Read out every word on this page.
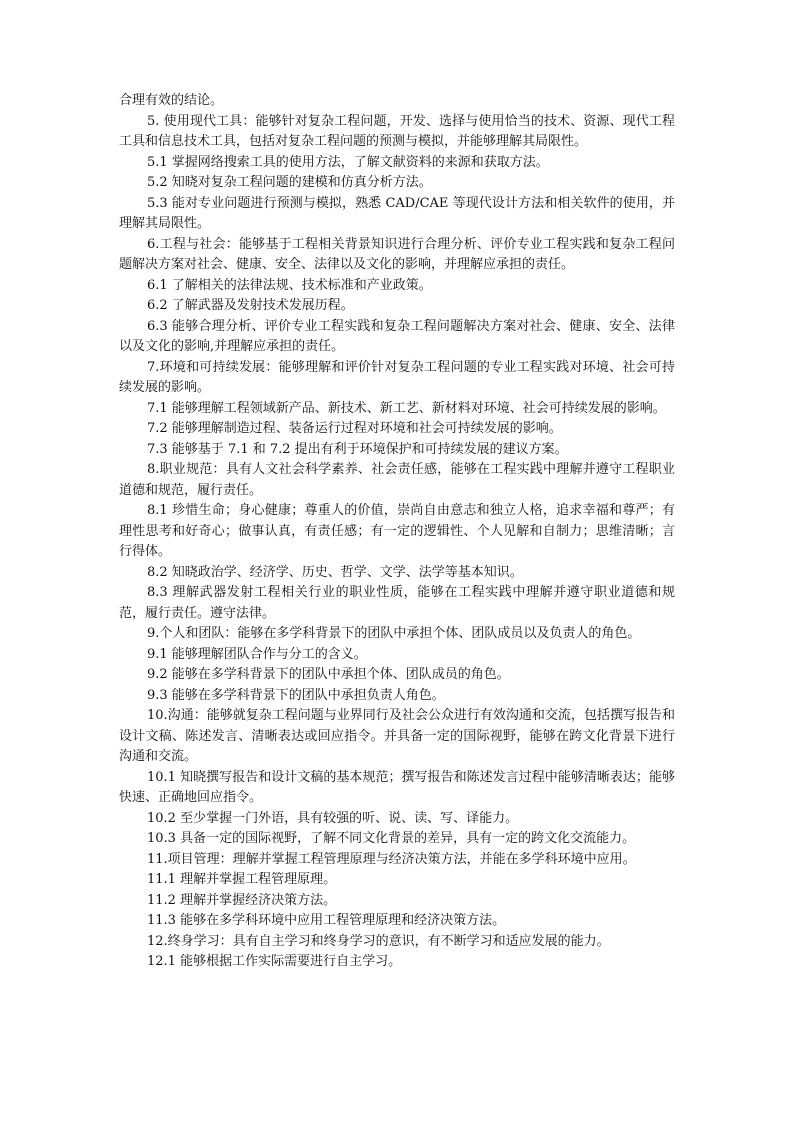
合理有效的结论。

5. 使用现代工具：能够针对复杂工程问题，开发、选择与使用恰当的技术、资源、现代工程工具和信息技术工具，包括对复杂工程问题的预测与模拟，并能够理解其局限性。

5.1 掌握网络搜索工具的使用方法，了解文献资料的来源和获取方法。

5.2 知晓对复杂工程问题的建模和仿真分析方法。

5.3 能对专业问题进行预测与模拟，熟悉 CAD/CAE 等现代设计方法和相关软件的使用，并理解其局限性。

6.工程与社会：能够基于工程相关背景知识进行合理分析、评价专业工程实践和复杂工程问题解决方案对社会、健康、安全、法律以及文化的影响，并理解应承担的责任。

6.1 了解相关的法律法规、技术标准和产业政策。

6.2 了解武器及发射技术发展历程。

6.3 能够合理分析、评价专业工程实践和复杂工程问题解决方案对社会、健康、安全、法律以及文化的影响,并理解应承担的责任。

7.环境和可持续发展：能够理解和评价针对复杂工程问题的专业工程实践对环境、社会可持续发展的影响。

7.1 能够理解工程领域新产品、新技术、新工艺、新材料对环境、社会可持续发展的影响。

7.2 能够理解制造过程、装备运行过程对环境和社会可持续发展的影响。

7.3 能够基于 7.1 和 7.2 提出有利于环境保护和可持续发展的建议方案。

8.职业规范：具有人文社会科学素养、社会责任感，能够在工程实践中理解并遵守工程职业道德和规范，履行责任。

8.1 珍惜生命；身心健康；尊重人的价值，崇尚自由意志和独立人格，追求幸福和尊严；有理性思考和好奇心；做事认真，有责任感；有一定的逻辑性、个人见解和自制力；思维清晰；言行得体。

8.2 知晓政治学、经济学、历史、哲学、文学、法学等基本知识。

8.3 理解武器发射工程相关行业的职业性质，能够在工程实践中理解并遵守职业道德和规范，履行责任。遵守法律。

9.个人和团队：能够在多学科背景下的团队中承担个体、团队成员以及负责人的角色。

9.1 能够理解团队合作与分工的含义。

9.2 能够在多学科背景下的团队中承担个体、团队成员的角色。

9.3 能够在多学科背景下的团队中承担负责人角色。

10.沟通：能够就复杂工程问题与业界同行及社会公众进行有效沟通和交流，包括撰写报告和设计文稿、陈述发言、清晰表达或回应指令。并具备一定的国际视野，能够在跨文化背景下进行沟通和交流。

10.1 知晓撰写报告和设计文稿的基本规范；撰写报告和陈述发言过程中能够清晰表达；能够快速、正确地回应指令。

10.2 至少掌握一门外语，具有较强的听、说、读、写、译能力。

10.3 具备一定的国际视野，了解不同文化背景的差异，具有一定的跨文化交流能力。

11.项目管理：理解并掌握工程管理原理与经济决策方法，并能在多学科环境中应用。

11.1 理解并掌握工程管理原理。

11.2 理解并掌握经济决策方法。

11.3 能够在多学科环境中应用工程管理原理和经济决策方法。

12.终身学习：具有自主学习和终身学习的意识，有不断学习和适应发展的能力。

12.1 能够根据工作实际需要进行自主学习。
